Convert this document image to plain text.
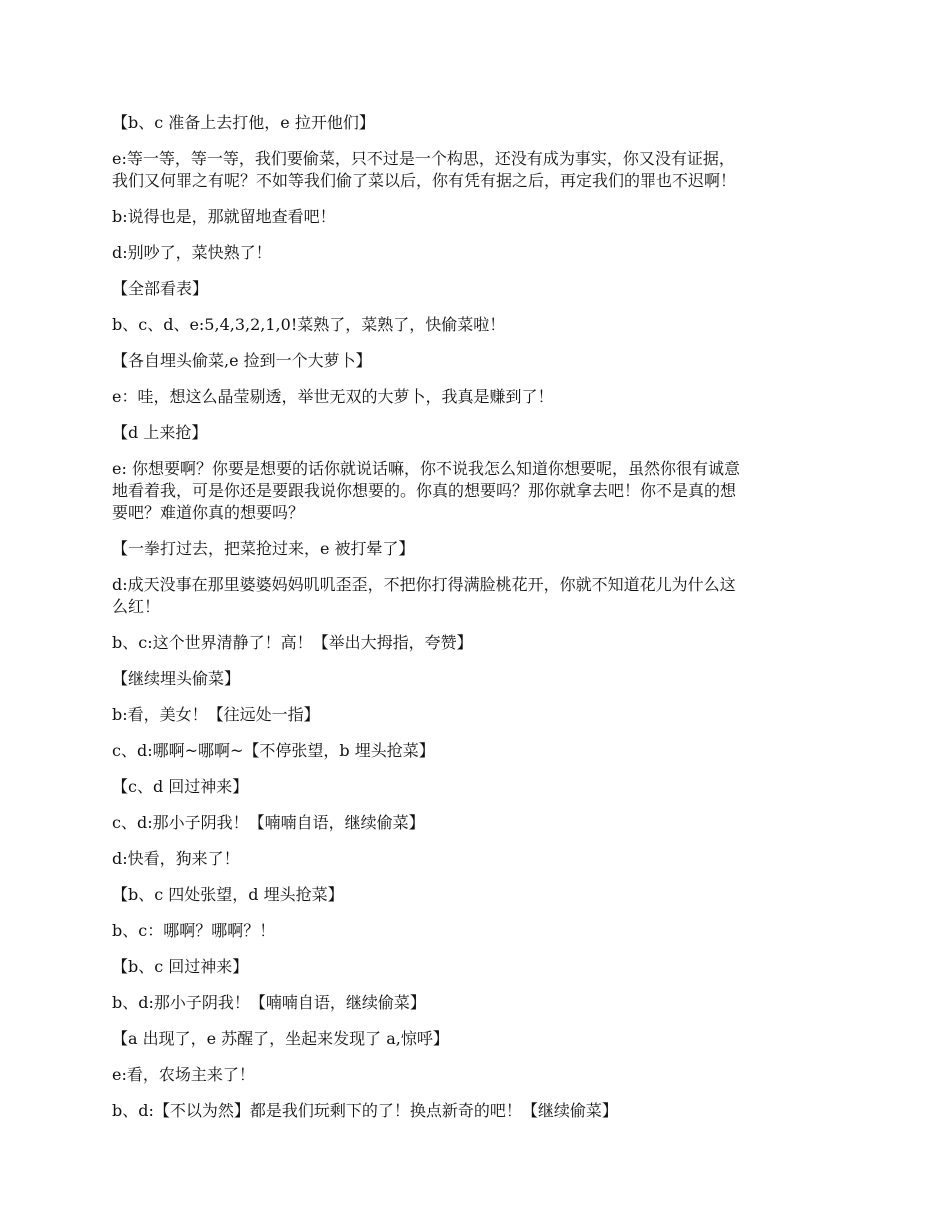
【b、c 准备上去打他，e 拉开他们】

e:等一等，等一等，我们要偷菜，只不过是一个构思，还没有成为事实，你又没有证据，
我们又何罪之有呢？不如等我们偷了菜以后，你有凭有据之后，再定我们的罪也不迟啊！

b:说得也是，那就留地查看吧！

d:别吵了，菜快熟了！

【全部看表】

b、c、d、e:5,4,3,2,1,0!菜熟了，菜熟了，快偷菜啦！

【各自埋头偷菜,e 捡到一个大萝卜】

e：哇，想这么晶莹剔透，举世无双的大萝卜，我真是赚到了！

【d 上来抢】

e: 你想要啊？你要是想要的话你就说话嘛，你不说我怎么知道你想要呢，虽然你很有诚意
地看着我，可是你还是要跟我说你想要的。你真的想要吗？那你就拿去吧！你不是真的想
要吧？难道你真的想要吗？

【一拳打过去，把菜抢过来，e 被打晕了】

d:成天没事在那里婆婆妈妈叽叽歪歪，不把你打得满脸桃花开，你就不知道花儿为什么这
么红！

b、c:这个世界清静了！高！【举出大拇指，夸赞】

【继续埋头偷菜】

b:看，美女！【往远处一指】

c、d:哪啊~哪啊~【不停张望，b 埋头抢菜】

【c、d 回过神来】

c、d:那小子阴我！【喃喃自语，继续偷菜】

d:快看，狗来了！

【b、c 四处张望，d 埋头抢菜】

b、c：哪啊？哪啊？！

【b、c 回过神来】

b、d:那小子阴我！【喃喃自语，继续偷菜】

【a 出现了，e 苏醒了，坐起来发现了 a,惊呼】

e:看，农场主来了！

b、d:【不以为然】都是我们玩剩下的了！换点新奇的吧！【继续偷菜】
